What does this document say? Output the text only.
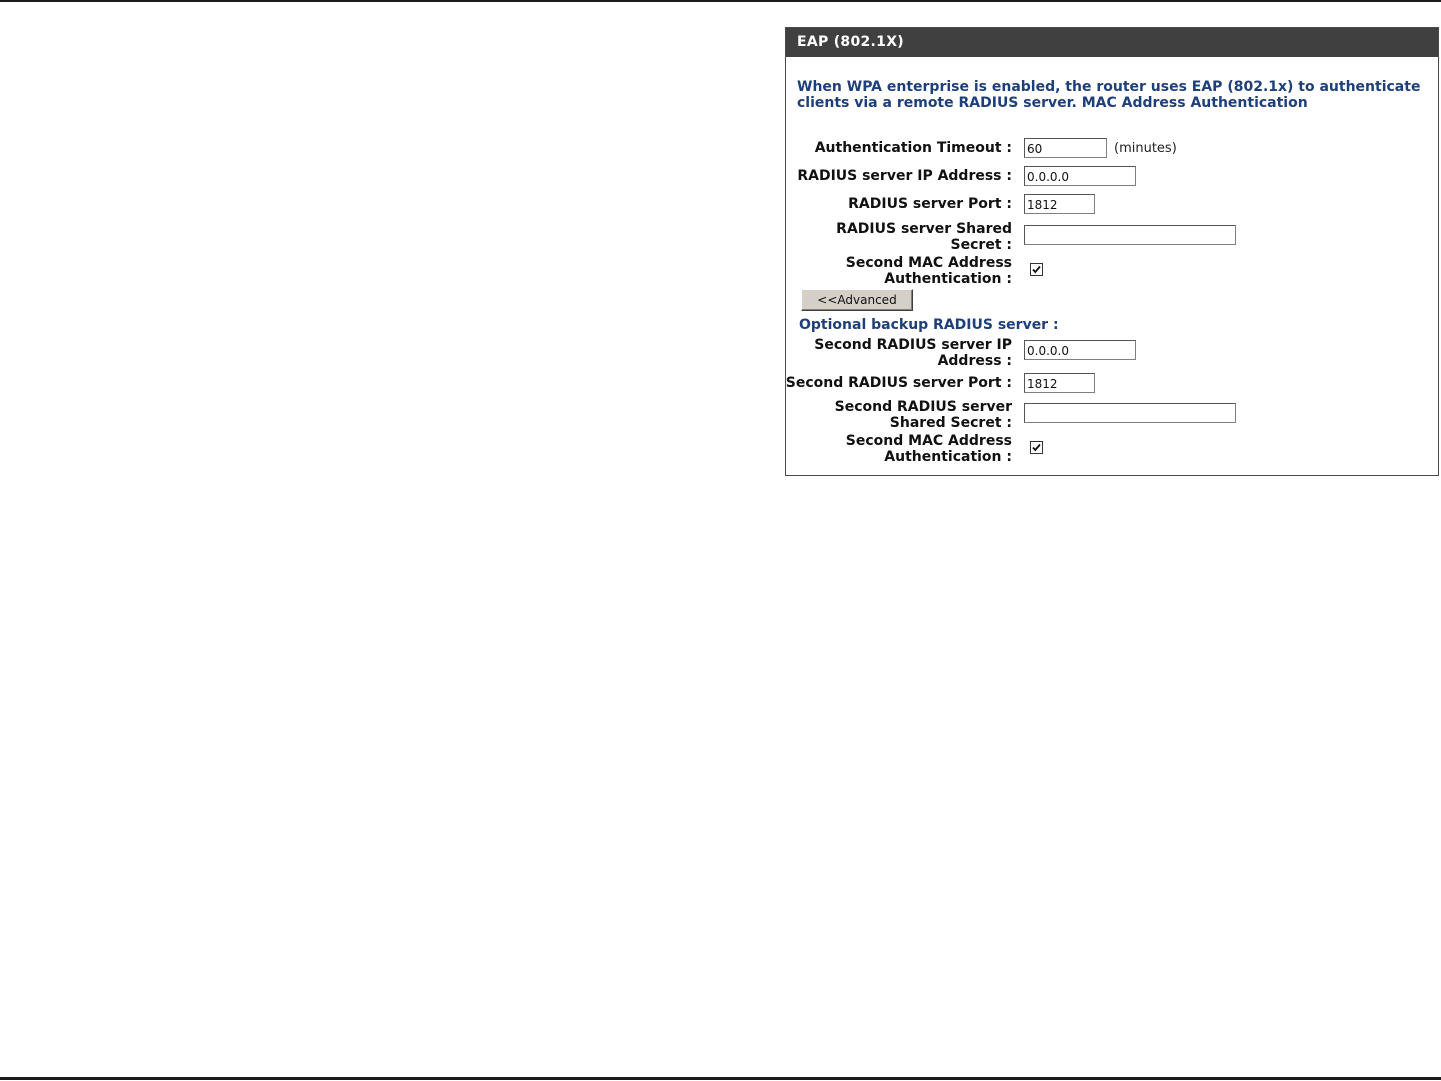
EAP (802.1X)
When WPA enterprise is enabled, the router uses EAP (802.1x) to authenticate clients via a remote RADIUS server. MAC Address Authentication
Authentication Timeout :
60	(minutes)
RADIUS server IP Address :
0.0.0.0
RADIUS server Port :
1812
RADIUS server Shared
Secret :
Second MAC Address
Authentication :
<<Advanced
Optional backup RADIUS server :
Second RADIUS server IP
Address :
0.0.0.0
Second RADIUS server Port :
1812
Second RADIUS server
Shared Secret :
Second MAC Address
Authentication :
